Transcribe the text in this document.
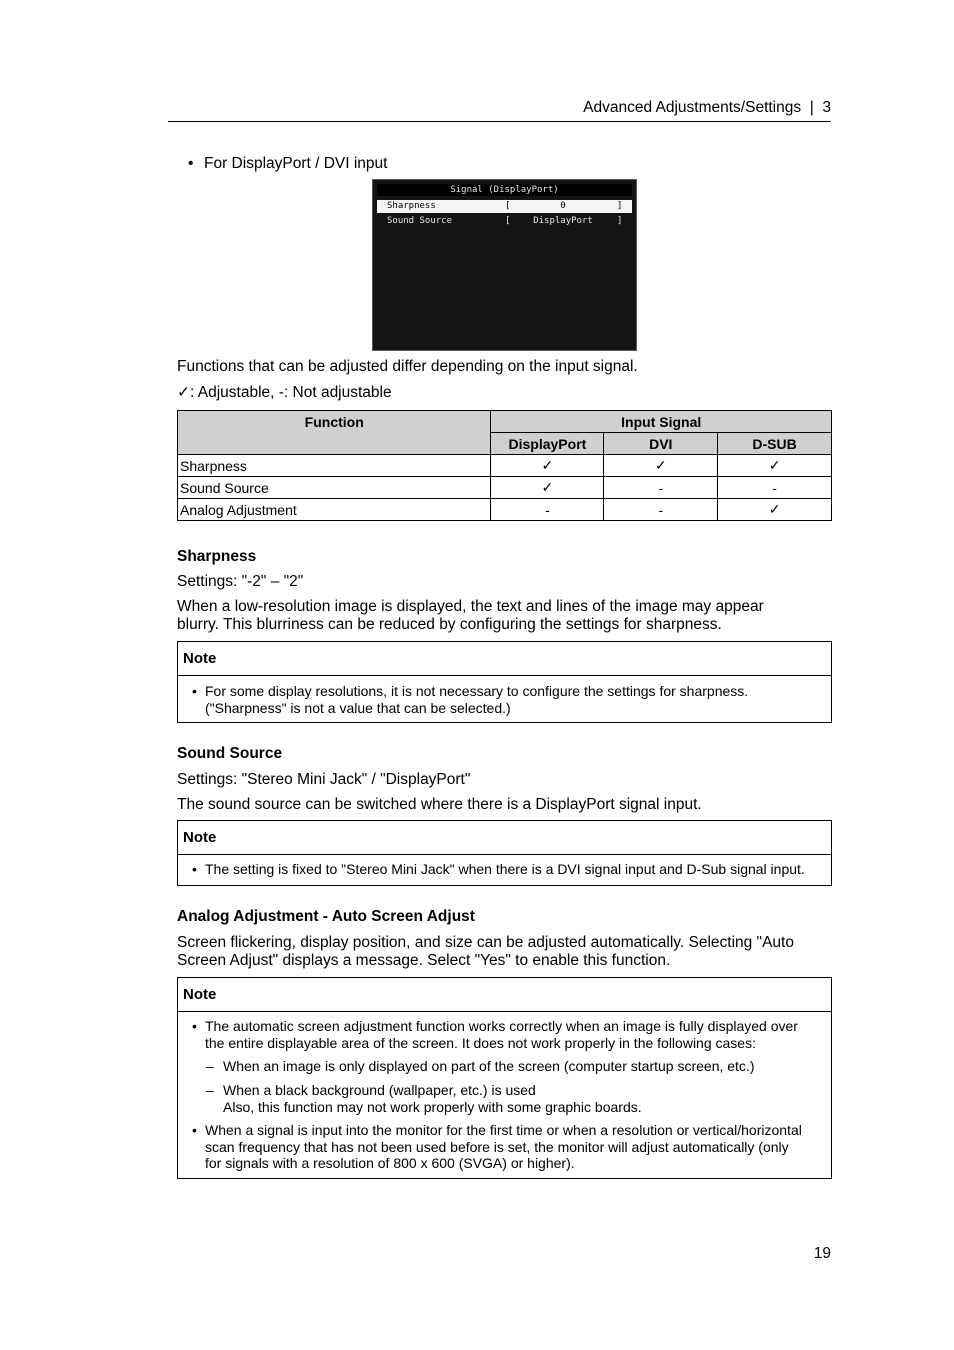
Advanced Adjustments/Settings  |  3
• For DisplayPort / DVI input
Signal (DisplayPort)
Sharpness	[	0	]
Sound Source	[	DisplayPort	]
Functions that can be adjusted differ depending on the input signal.
✓: Adjustable, -: Not adjustable
Function	Input Signal		
	DisplayPort	DVI	D-SUB
Sharpness	✓	✓	✓
Sound Source	✓	-	-
Analog Adjustment	-	-	✓
Sharpness
Settings: "-2" – "2"
When a low-resolution image is displayed, the text and lines of the image may appear
blurry. This blurriness can be reduced by configuring the settings for sharpness.
Note
• For some display resolutions, it is not necessary to configure the settings for sharpness.
("Sharpness" is not a value that can be selected.)
Sound Source
Settings: "Stereo Mini Jack" / "DisplayPort"
The sound source can be switched where there is a DisplayPort signal input.
Note
• The setting is fixed to "Stereo Mini Jack" when there is a DVI signal input and D-Sub signal input.
Analog Adjustment - Auto Screen Adjust
Screen flickering, display position, and size can be adjusted automatically. Selecting "Auto
Screen Adjust" displays a message. Select "Yes" to enable this function.
Note
• The automatic screen adjustment function works correctly when an image is fully displayed over
the entire displayable area of the screen. It does not work properly in the following cases:
– When an image is only displayed on part of the screen (computer startup screen, etc.)
– When a black background (wallpaper, etc.) is used
Also, this function may not work properly with some graphic boards.
• When a signal is input into the monitor for the first time or when a resolution or vertical/horizontal
scan frequency that has not been used before is set, the monitor will adjust automatically (only
for signals with a resolution of 800 x 600 (SVGA) or higher).
19
